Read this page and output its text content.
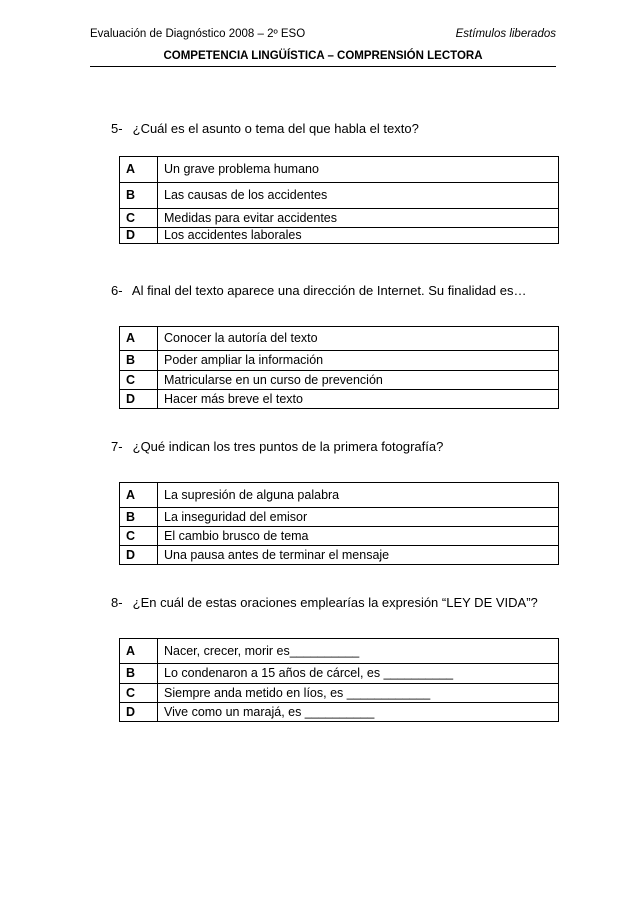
Evaluación de Diagnóstico 2008 – 2º ESO	Estímulos liberados
COMPETENCIA LINGÜÍSTICA – COMPRENSIÓN LECTORA
5- ¿Cuál es el asunto o tema del que habla el texto?
A	Un grave problema humano
B	Las causas de los accidentes
C	Medidas para evitar accidentes
D	Los accidentes laborales
6- Al final del texto aparece una dirección de Internet. Su finalidad es…
A	Conocer la autoría del texto
B	Poder ampliar la información
C	Matricularse en un curso de prevención
D	Hacer más breve el texto
7- ¿Qué indican los tres puntos de la primera fotografía?
A	La supresión de alguna palabra
B	La inseguridad del emisor
C	El cambio brusco de tema
D	Una pausa antes de terminar el mensaje
8- ¿En cuál de estas oraciones emplearías la expresión “LEY DE VIDA”?
A	Nacer, crecer, morir es__________
B	Lo condenaron a 15 años de cárcel, es __________
C	Siempre anda metido en líos, es ____________
D	Vive como un marajá, es __________
